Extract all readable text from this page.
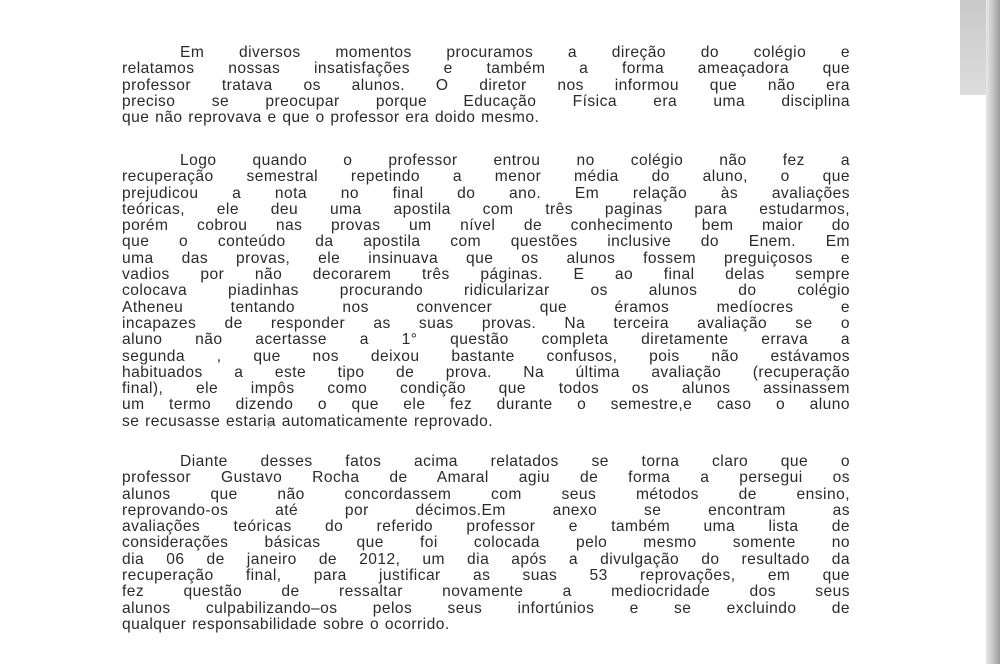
Em diversos momentos procuramos a direção do colégio e
relatamos nossas insatisfações e também a forma ameaçadora que
professor tratava os alunos. O diretor nos informou que não era
preciso se preocupar porque Educação Física era uma disciplina
que não reprovava e que o professor era doido mesmo.
Logo quando o professor entrou no colégio não fez a
recuperação semestral repetindo a menor média do aluno, o que
prejudicou a nota no final do ano. Em relação às avaliações
teóricas, ele deu uma apostila com três paginas para estudarmos,
porém cobrou nas provas um nível de conhecimento bem maior do
que o conteúdo da apostila com questões inclusive do Enem. Em
uma das provas, ele insinuava que os alunos fossem preguiçosos e
vadios por não decorarem três páginas. E ao final delas sempre
colocava piadinhas procurando ridicularizar os alunos do colégio
Atheneu tentando nos convencer que éramos medíocres e
incapazes de responder as suas provas. Na terceira avaliação se o
aluno não acertasse a 1° questão completa diretamente errava a
segunda , que nos deixou bastante confusos, pois não estávamos
habituados a este tipo de prova. Na última avaliação (recuperação
final), ele impôs como condição que todos os alunos assinassem
um termo dizendo o que ele fez durante o semestre,e caso o aluno
se recusasse estaria automaticamente reprovado.
Diante desses fatos acima relatados se torna claro que o
professor Gustavo Rocha de Amaral agiu de forma a persegui os
alunos que não concordassem com seus métodos de ensino,
reprovando-os até por décimos.Em anexo se encontram as
avaliações teóricas do referido professor e também uma lista de
considerações básicas que foi colocada pelo mesmo somente no
dia 06 de janeiro de 2012, um dia após a divulgação do resultado da
recuperação final, para justificar as suas 53 reprovações, em que
fez questão de ressaltar novamente a mediocridade dos seus
alunos culpabilizando–os pelos seus infortúnios e se excluindo de
qualquer responsabilidade sobre o ocorrido.
